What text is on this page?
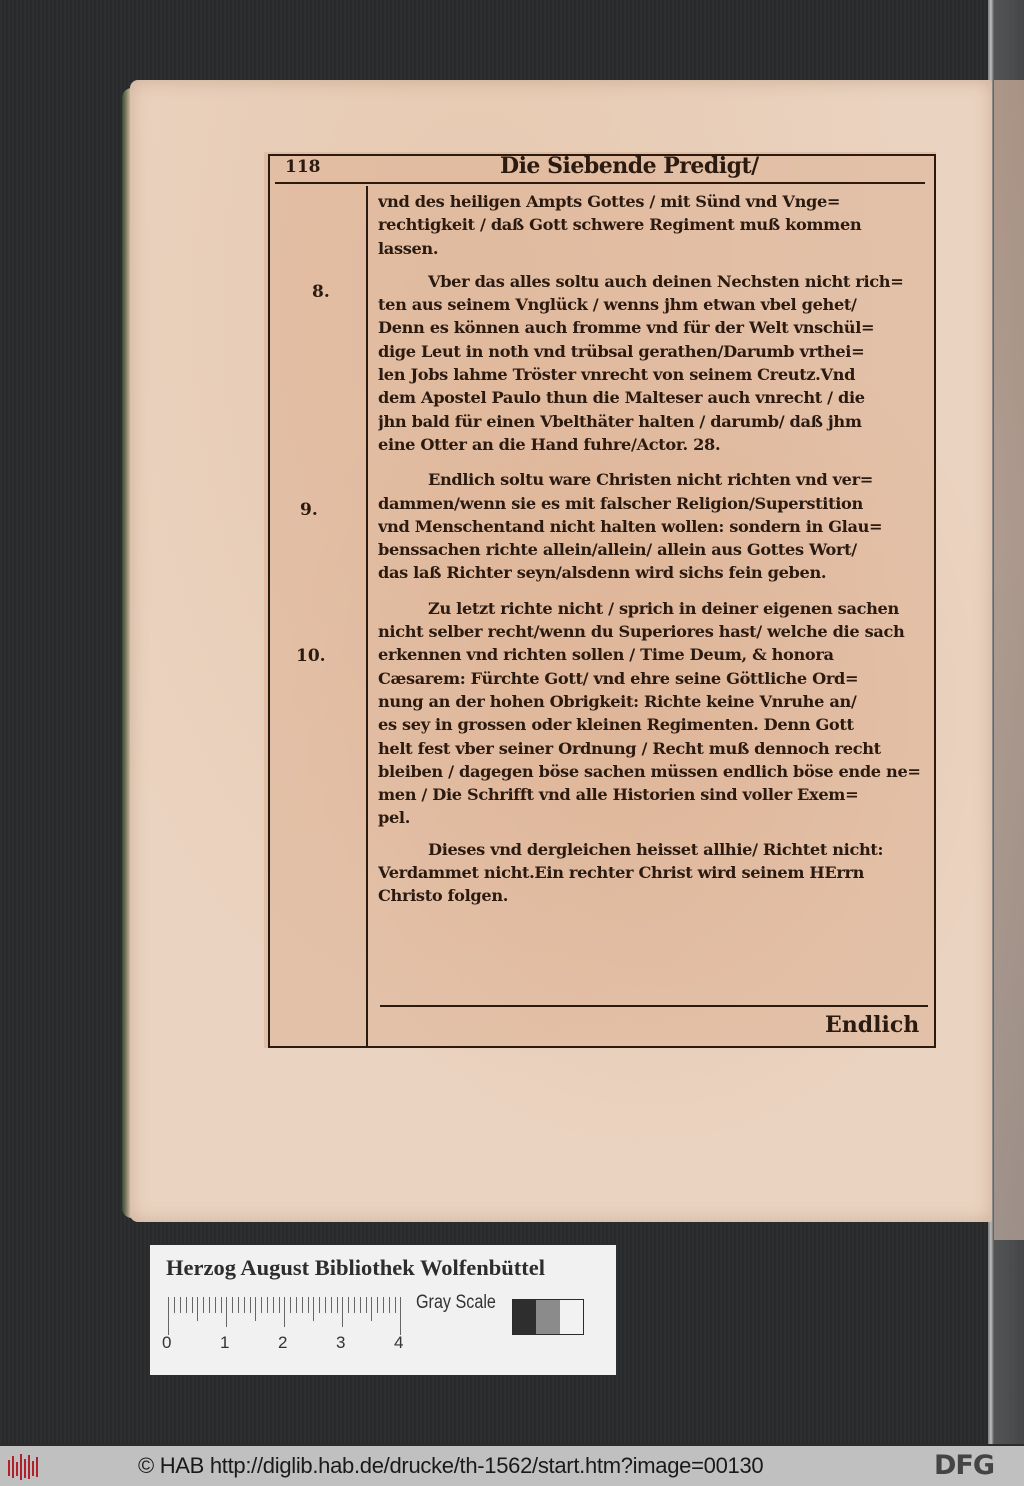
118	Die Siebende Predigt/
8.
9.
10.
vnd des heiligen Ampts Gottes / mit Sünd vnd Vnge=
rechtigkeit / daß Gott schwere Regiment muß kommen
lassen.
Vber das alles soltu auch deinen Nechsten nicht rich=
ten aus seinem Vnglück / wenns jhm etwan vbel gehet/
Denn es können auch fromme vnd für der Welt vnschül=
dige Leut in noth vnd trübsal gerathen/Darumb vrthei=
len Jobs lahme Tröster vnrecht von seinem Creutz.Vnd
dem Apostel Paulo thun die Malteser auch vnrecht / die
jhn bald für einen Vbelthäter halten / darumb/ daß jhm
eine Otter an die Hand fuhre/Actor. 28.
Endlich soltu ware Christen nicht richten vnd ver=
dammen/wenn sie es mit falscher Religion/Superstition
vnd Menschentand nicht halten wollen: sondern in Glau=
benssachen richte allein/allein/ allein aus Gottes Wort/
das laß Richter seyn/alsdenn wird sichs fein geben.
Zu letzt richte nicht / sprich in deiner eigenen sachen
nicht selber recht/wenn du Superiores hast/ welche die sach
erkennen vnd richten sollen / Time Deum, & honora
Cæsarem: Fürchte Gott/ vnd ehre seine Göttliche Ord=
nung an der hohen Obrigkeit: Richte keine Vnruhe an/
es sey in grossen oder kleinen Regimenten. Denn Gott
helt fest vber seiner Ordnung / Recht muß dennoch recht
bleiben / dagegen böse sachen müssen endlich böse ende ne=
men / Die Schrifft vnd alle Historien sind voller Exem=
pel.
Dieses vnd dergleichen heisset allhie/ Richtet nicht:
Verdammet nicht.Ein rechter Christ wird seinem HErrn
Christo folgen.
Endlich
Herzog August Bibliothek Wolfenbüttel
0	1	2	3	4
Gray Scale
© HAB http://diglib.hab.de/drucke/th-1562/start.htm?image=00130	DFG
